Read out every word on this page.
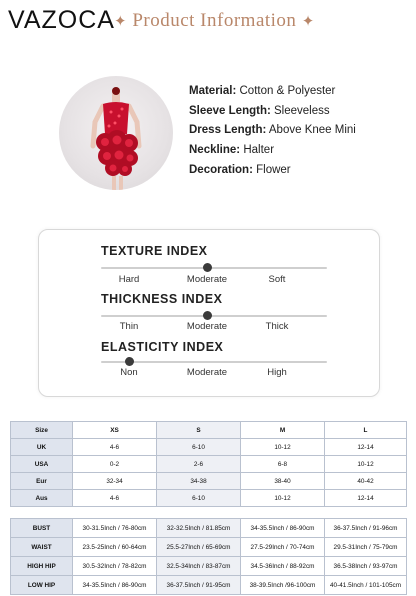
VAZOCA ✦ Product Information ✦
Material: Cotton & Polyester
Sleeve Length: Sleeveless
Dress Length: Above Knee Mini
Neckline: Halter
Decoration: Flower
TEXTURE INDEX
Hard	Moderate	Soft
THICKNESS INDEX
Thin	Moderate	Thick
ELASTICITY INDEX
Non	Moderate	High
Size	XS	S	M	L
UK	4-6	6-10	10-12	12-14
USA	0-2	2-6	6-8	10-12
Eur	32-34	34-38	38-40	40-42
Aus	4-6	6-10	10-12	12-14

BUST	30-31.5Inch / 76-80cm	32-32.5Inch / 81.85cm	34-35.5Inch / 86-90cm	36-37.5Inch / 91-96cm
WAIST	23.5-25Inch / 60-64cm	25.5-27Inch / 65-69cm	27.5-29Inch / 70-74cm	29.5-31Inch / 75-79cm
HIGH HIP	30.5-32Inch / 78-82cm	32.5-34Inch / 83-87cm	34.5-36Inch / 88-92cm	36.5-38Inch / 93-97cm
LOW HIP	34-35.5Inch / 86-90cm	36-37.5Inch / 91-95cm	38-39.5Inch /96-100cm	40-41.5Inch / 101-105cm
